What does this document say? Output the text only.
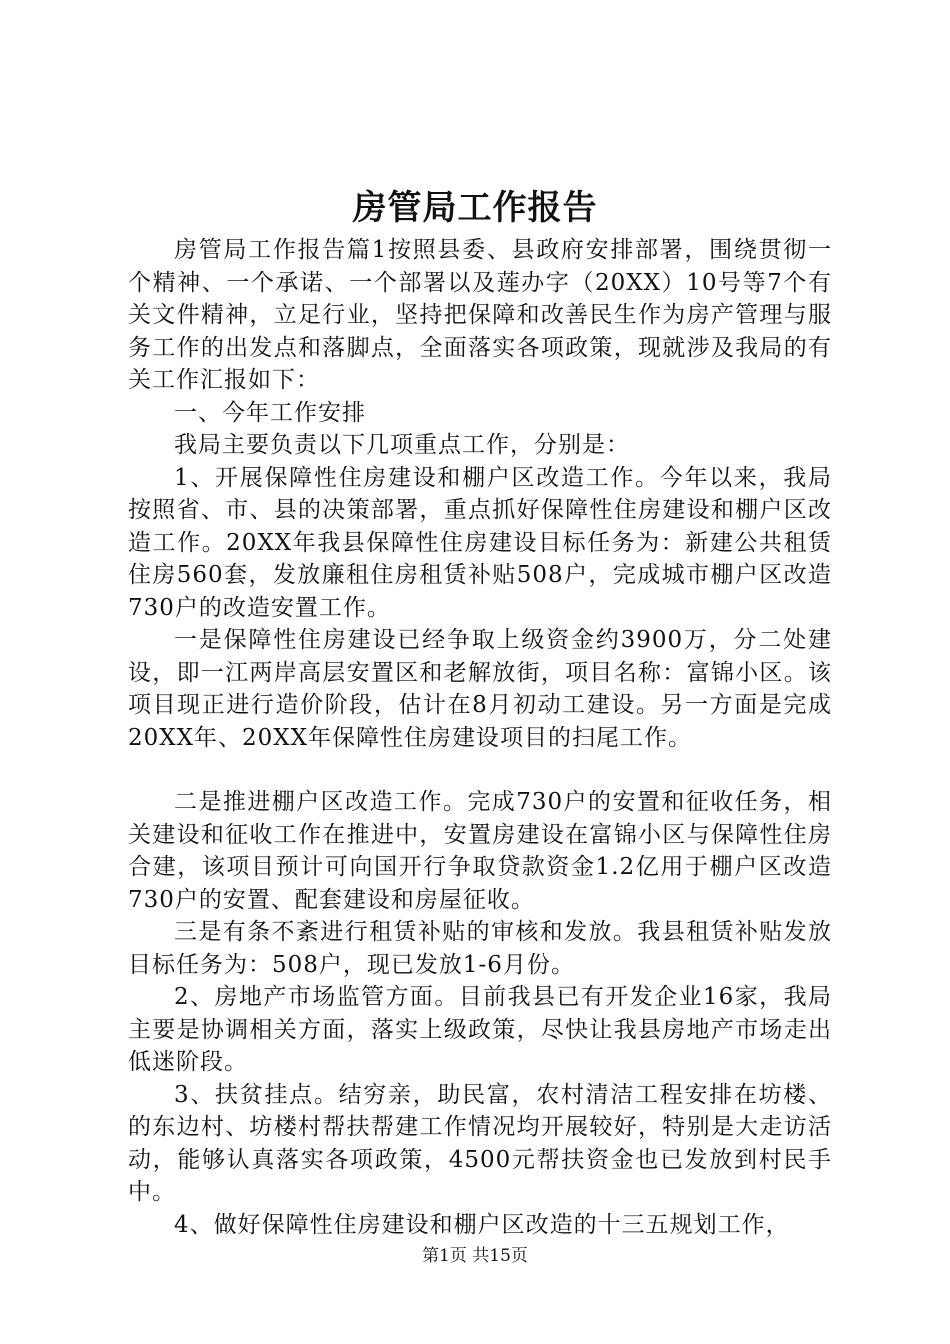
房管局工作报告

房管局工作报告篇1按照县委、县政府安排部署，围绕贯彻一个精神、一个承诺、一个部署以及莲办字（20XX）10号等7个有关文件精神，立足行业，坚持把保障和改善民生作为房产管理与服务工作的出发点和落脚点，全面落实各项政策，现就涉及我局的有关工作汇报如下：

一、今年工作安排

我局主要负责以下几项重点工作，分别是：

1、开展保障性住房建设和棚户区改造工作。今年以来，我局按照省、市、县的决策部署，重点抓好保障性住房建设和棚户区改造工作。20XX年我县保障性住房建设目标任务为：新建公共租赁住房560套，发放廉租住房租赁补贴508户，完成城市棚户区改造730户的改造安置工作。

一是保障性住房建设已经争取上级资金约3900万，分二处建设，即一江两岸高层安置区和老解放街，项目名称：富锦小区。该项目现正进行造价阶段，估计在8月初动工建设。另一方面是完成20XX年、20XX年保障性住房建设项目的扫尾工作。

二是推进棚户区改造工作。完成730户的安置和征收任务，相关建设和征收工作在推进中，安置房建设在富锦小区与保障性住房合建，该项目预计可向国开行争取贷款资金1.2亿用于棚户区改造730户的安置、配套建设和房屋征收。

三是有条不紊进行租赁补贴的审核和发放。我县租赁补贴发放目标任务为：508户，现已发放1-6月份。

2、房地产市场监管方面。目前我县已有开发企业16家，我局主要是协调相关方面，落实上级政策，尽快让我县房地产市场走出低迷阶段。

3、扶贫挂点。结穷亲，助民富，农村清洁工程安排在坊楼、的东边村、坊楼村帮扶帮建工作情况均开展较好，特别是大走访活动，能够认真落实各项政策，4500元帮扶资金也已发放到村民手中。

4、做好保障性住房建设和棚户区改造的十三五规划工作，

第1页 共15页
